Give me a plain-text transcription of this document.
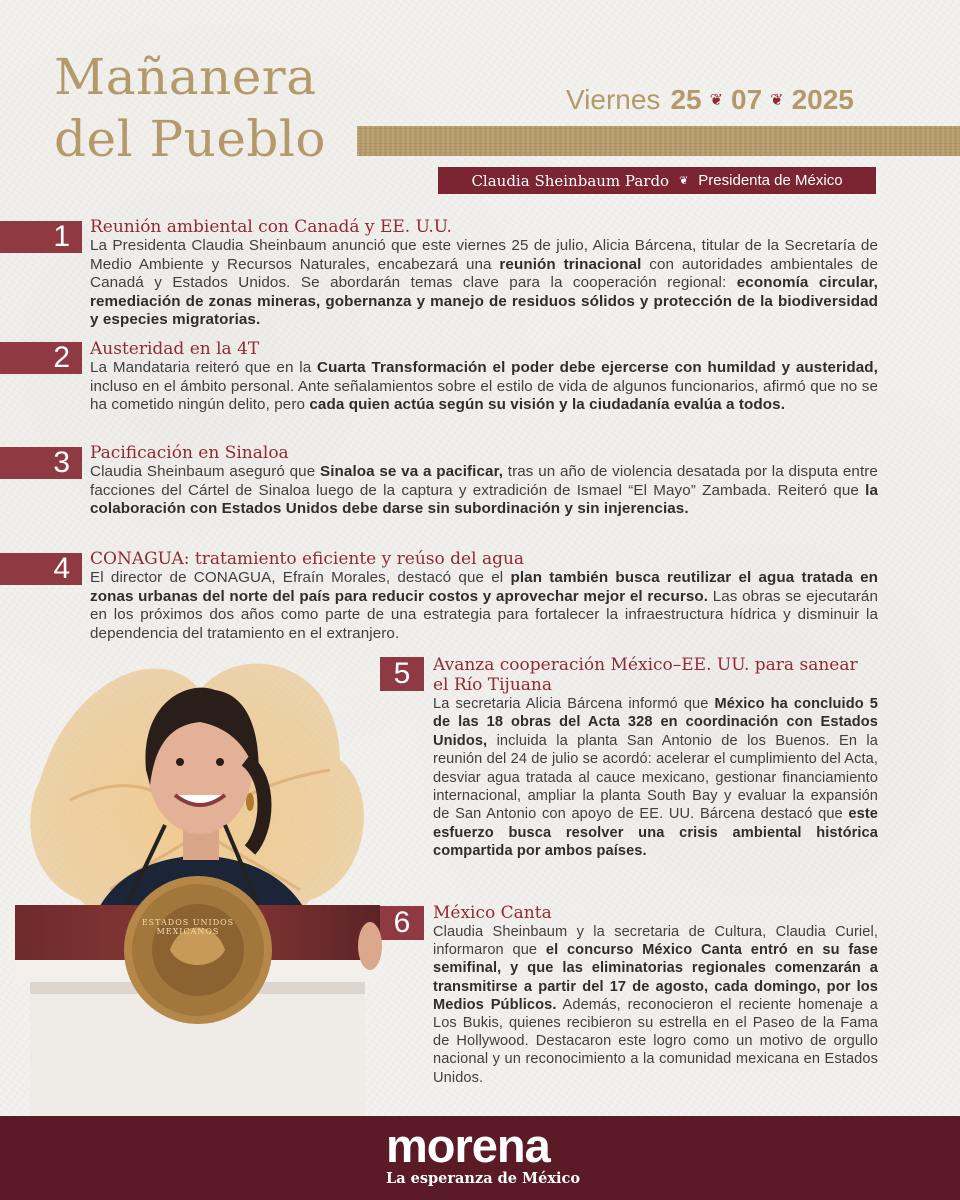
Mañanera
del Pueblo
Viernes 25 ❦ 07 ❦ 2025
Claudia Sheinbaum Pardo ❦ Presidenta de México
1
2
3
4
5
6
Reunión ambiental con Canadá y EE. U.U.

La Presidenta Claudia Sheinbaum anunció que este viernes 25 de julio, Alicia Bárcena, titular de la Secretaría de Medio Ambiente y Recursos Naturales, encabezará una reunión trinacional con autoridades ambientales de Canadá y Estados Unidos. Se abordarán temas clave para la cooperación regional: economía circular, remediación de zonas mineras, gobernanza y manejo de residuos sólidos y protección de la biodiversidad y especies migratorias.

Austeridad en la 4T

La Mandataria reiteró que en la Cuarta Transformación el poder debe ejercerse con humildad y austeridad, incluso en el ámbito personal. Ante señalamientos sobre el estilo de vida de algunos funcionarios, afirmó que no se ha cometido ningún delito, pero cada quien actúa según su visión y la ciudadanía evalúa a todos.

Pacificación en Sinaloa

Claudia Sheinbaum aseguró que Sinaloa se va a pacificar, tras un año de violencia desatada por la disputa entre facciones del Cártel de Sinaloa luego de la captura y extradición de Ismael “El Mayo” Zambada. Reiteró que la colaboración con Estados Unidos debe darse sin subordinación y sin injerencias.

CONAGUA: tratamiento eficiente y reúso del agua

El director de CONAGUA, Efraín Morales, destacó que el plan también busca reutilizar el agua tratada en zonas urbanas del norte del país para reducir costos y aprovechar mejor el recurso. Las obras se ejecutarán en los próximos dos años como parte de una estrategia para fortalecer la infraestructura hídrica y disminuir la dependencia del tratamiento en el extranjero.

Avanza cooperación México–EE. UU. para sanear el Río Tijuana

La secretaria Alicia Bárcena informó que México ha concluido 5 de las 18 obras del Acta 328 en coordinación con Estados Unidos, incluida la planta San Antonio de los Buenos. En la reunión del 24 de julio se acordó: acelerar el cumplimiento del Acta, desviar agua tratada al cauce mexicano, gestionar financiamiento internacional, ampliar la planta South Bay y evaluar la expansión de San Antonio con apoyo de EE. UU. Bárcena destacó que este esfuerzo busca resolver una crisis ambiental histórica compartida por ambos países.

México Canta

Claudia Sheinbaum y la secretaria de Cultura, Claudia Curiel, informaron que el concurso México Canta entró en su fase semifinal, y que las eliminatorias regionales comenzarán a transmitirse a partir del 17 de agosto, cada domingo, por los Medios Públicos. Además, reconocieron el reciente homenaje a Los Bukis, quienes recibieron su estrella en el Paseo de la Fama de Hollywood. Destacaron este logro como un motivo de orgullo nacional y un reconocimiento a la comunidad mexicana en Estados Unidos.

ESTADOS UNIDOS MEXICANOS
morena
La esperanza de México
